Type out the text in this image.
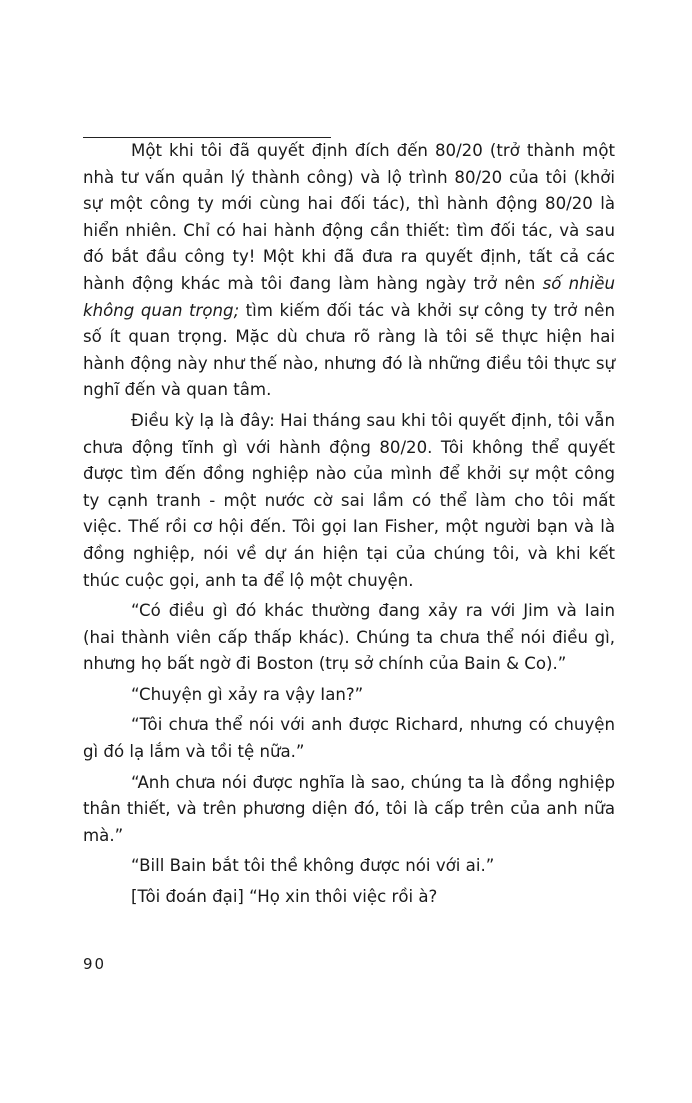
Một khi tôi đã quyết định đích đến 80/20 (trở thành một nhà tư vấn quản lý thành công) và lộ trình 80/20 của tôi (khởi sự một công ty mới cùng hai đối tác), thì hành động 80/20 là hiển nhiên. Chỉ có hai hành động cần thiết: tìm đối tác, và sau đó bắt đầu công ty! Một khi đã đưa ra quyết định, tất cả các hành động khác mà tôi đang làm hàng ngày trở nên số nhiều không quan trọng; tìm kiếm đối tác và khởi sự công ty trở nên số ít quan trọng. Mặc dù chưa rõ ràng là tôi sẽ thực hiện hai hành động này như thế nào, nhưng đó là những điều tôi thực sự nghĩ đến và quan tâm.

Điều kỳ lạ là đây: Hai tháng sau khi tôi quyết định, tôi vẫn chưa động tĩnh gì với hành động 80/20. Tôi không thể quyết được tìm đến đồng nghiệp nào của mình để khởi sự một công ty cạnh tranh - một nước cờ sai lầm có thể làm cho tôi mất việc. Thế rồi cơ hội đến. Tôi gọi Ian Fisher, một người bạn và là đồng nghiệp, nói về dự án hiện tại của chúng tôi, và khi kết thúc cuộc gọi, anh ta để lộ một chuyện.

“Có điều gì đó khác thường đang xảy ra với Jim và Iain (hai thành viên cấp thấp khác). Chúng ta chưa thể nói điều gì, nhưng họ bất ngờ đi Boston (trụ sở chính của Bain & Co).”

“Chuyện gì xảy ra vậy Ian?”

“Tôi chưa thể nói với anh được Richard, nhưng có chuyện gì đó lạ lắm và tồi tệ nữa.”

“Anh chưa nói được nghĩa là sao, chúng ta là đồng nghiệp thân thiết, và trên phương diện đó, tôi là cấp trên của anh nữa mà.”

“Bill Bain bắt tôi thề không được nói với ai.”

[Tôi đoán đại] “Họ xin thôi việc rồi à?

90
